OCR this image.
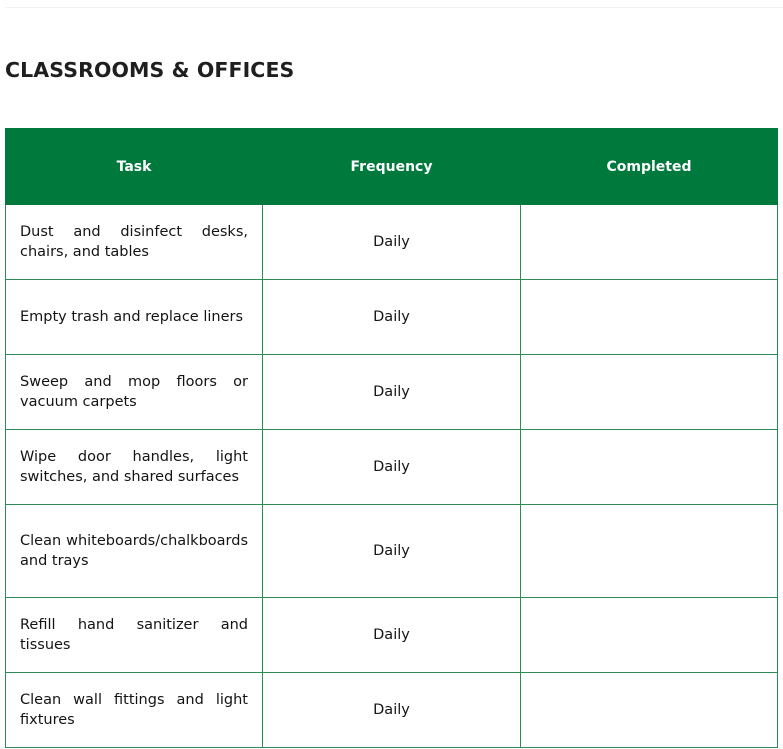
CLASSROOMS & OFFICES
Task	Frequency	Completed
Dust and disinfect desks, chairs, and tables	Daily	

Empty trash and replace liners	Daily	

Sweep and mop floors or vacuum carpets	Daily	

Wipe door handles, light switches, and shared surfaces	Daily	

Clean whiteboards/chalkboards and trays	Daily	

Refill hand sanitizer and tissues	Daily	

Clean wall fittings and light fixtures	Daily	
